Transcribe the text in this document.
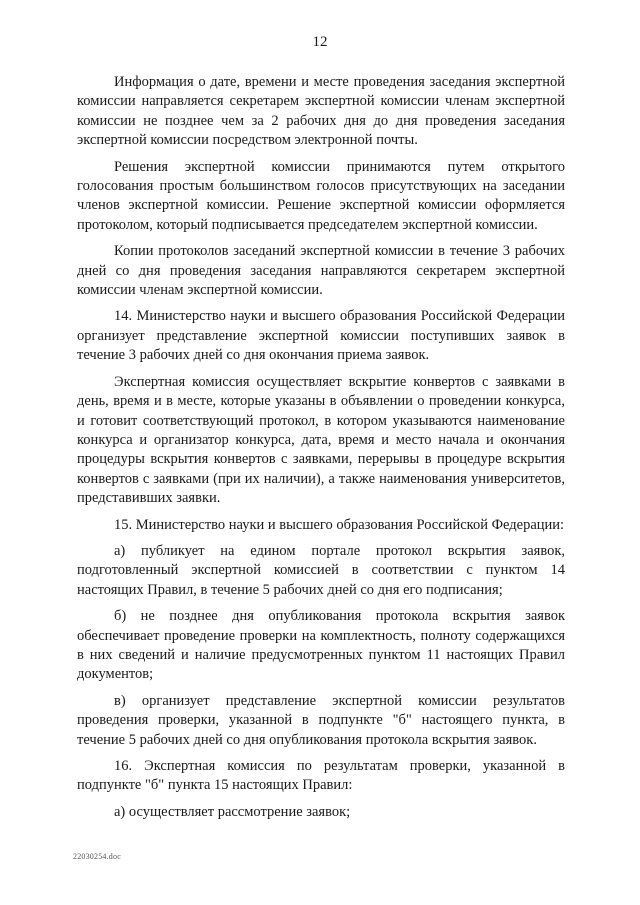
12

Информация о дате, времени и месте проведения заседания экспертной комиссии направляется секретарем экспертной комиссии членам экспертной комиссии не позднее чем за 2 рабочих дня до дня проведения заседания экспертной комиссии посредством электронной почты.

Решения экспертной комиссии принимаются путем открытого голосования простым большинством голосов присутствующих на заседании членов экспертной комиссии. Решение экспертной комиссии оформляется протоколом, который подписывается председателем экспертной комиссии.

Копии протоколов заседаний экспертной комиссии в течение 3 рабочих дней со дня проведения заседания направляются секретарем экспертной комиссии членам экспертной комиссии.

14. Министерство науки и высшего образования Российской Федерации организует представление экспертной комиссии поступивших заявок в течение 3 рабочих дней со дня окончания приема заявок.

Экспертная комиссия осуществляет вскрытие конвертов с заявками в день, время и в месте, которые указаны в объявлении о проведении конкурса, и готовит соответствующий протокол, в котором указываются наименование конкурса и организатор конкурса, дата, время и место начала и окончания процедуры вскрытия конвертов с заявками, перерывы в процедуре вскрытия конвертов с заявками (при их наличии), а также наименования университетов, представивших заявки.

15. Министерство науки и высшего образования Российской Федерации:

а) публикует на едином портале протокол вскрытия заявок, подготовленный экспертной комиссией в соответствии с пунктом 14 настоящих Правил, в течение 5 рабочих дней со дня его подписания;

б) не позднее дня опубликования протокола вскрытия заявок обеспечивает проведение проверки на комплектность, полноту содержащихся в них сведений и наличие предусмотренных пунктом 11 настоящих Правил документов;

в) организует представление экспертной комиссии результатов проведения проверки, указанной в подпункте "б" настоящего пункта, в течение 5 рабочих дней со дня опубликования протокола вскрытия заявок.

16. Экспертная комиссия по результатам проверки, указанной в подпункте "б" пункта 15 настоящих Правил:

а) осуществляет рассмотрение заявок;

22030254.doc
